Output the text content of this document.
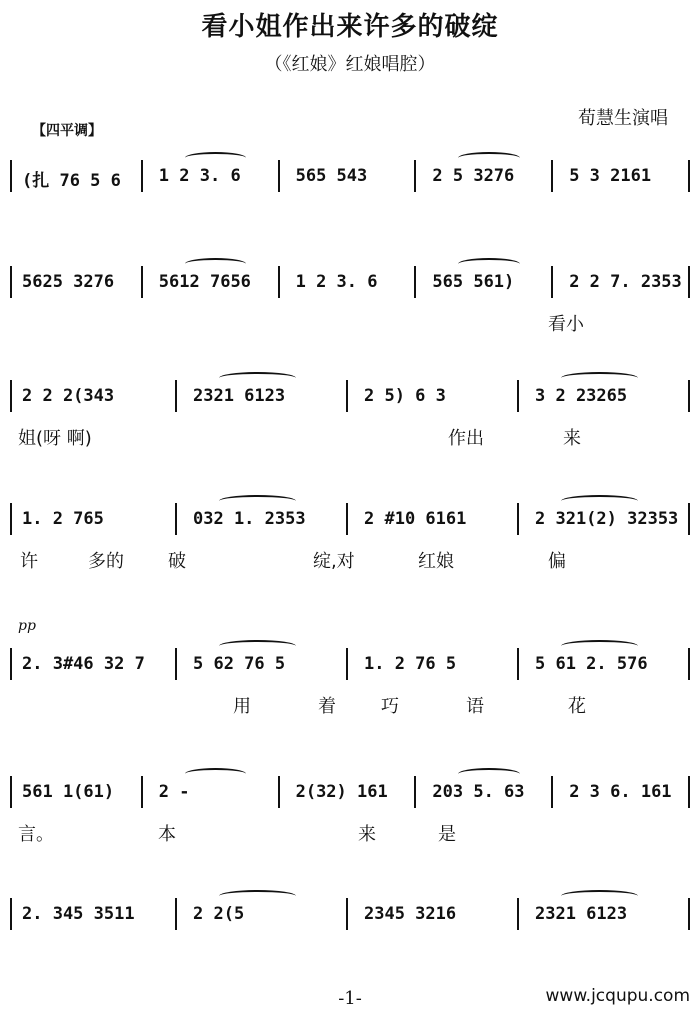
看小姐作出来许多的破绽
（《红娘》红娘唱腔）
荀慧生演唱
【四平调】
pp
(扎 76 5 6 1 2 3. 6	565 543	2 5 3276	5 3 2161
5625 3276	5612 7656	1 2 3. 6	565 561)	2 2 7. 2353
看小
2 2 2(343	2321 6123	2 5) 6 3	3 2 23265
姐(呀 啊)	作出	来
1. 2 765	032 1. 2353	2 #10 6161	2 321(2) 32353
许	多的 破	绽,对	红娘	偏
2. 3#46 32 7	5 62 76 5	1. 2 76 5	5 61 2. 576
用	着	巧	语	花
561 1(61)	2 -	2(32) 161	203 5. 63	2 3 6. 161
言。	本	来	是
2. 345 3511	2 2(5	2345 3216	2321 6123
-1-	www.jcqupu.com
